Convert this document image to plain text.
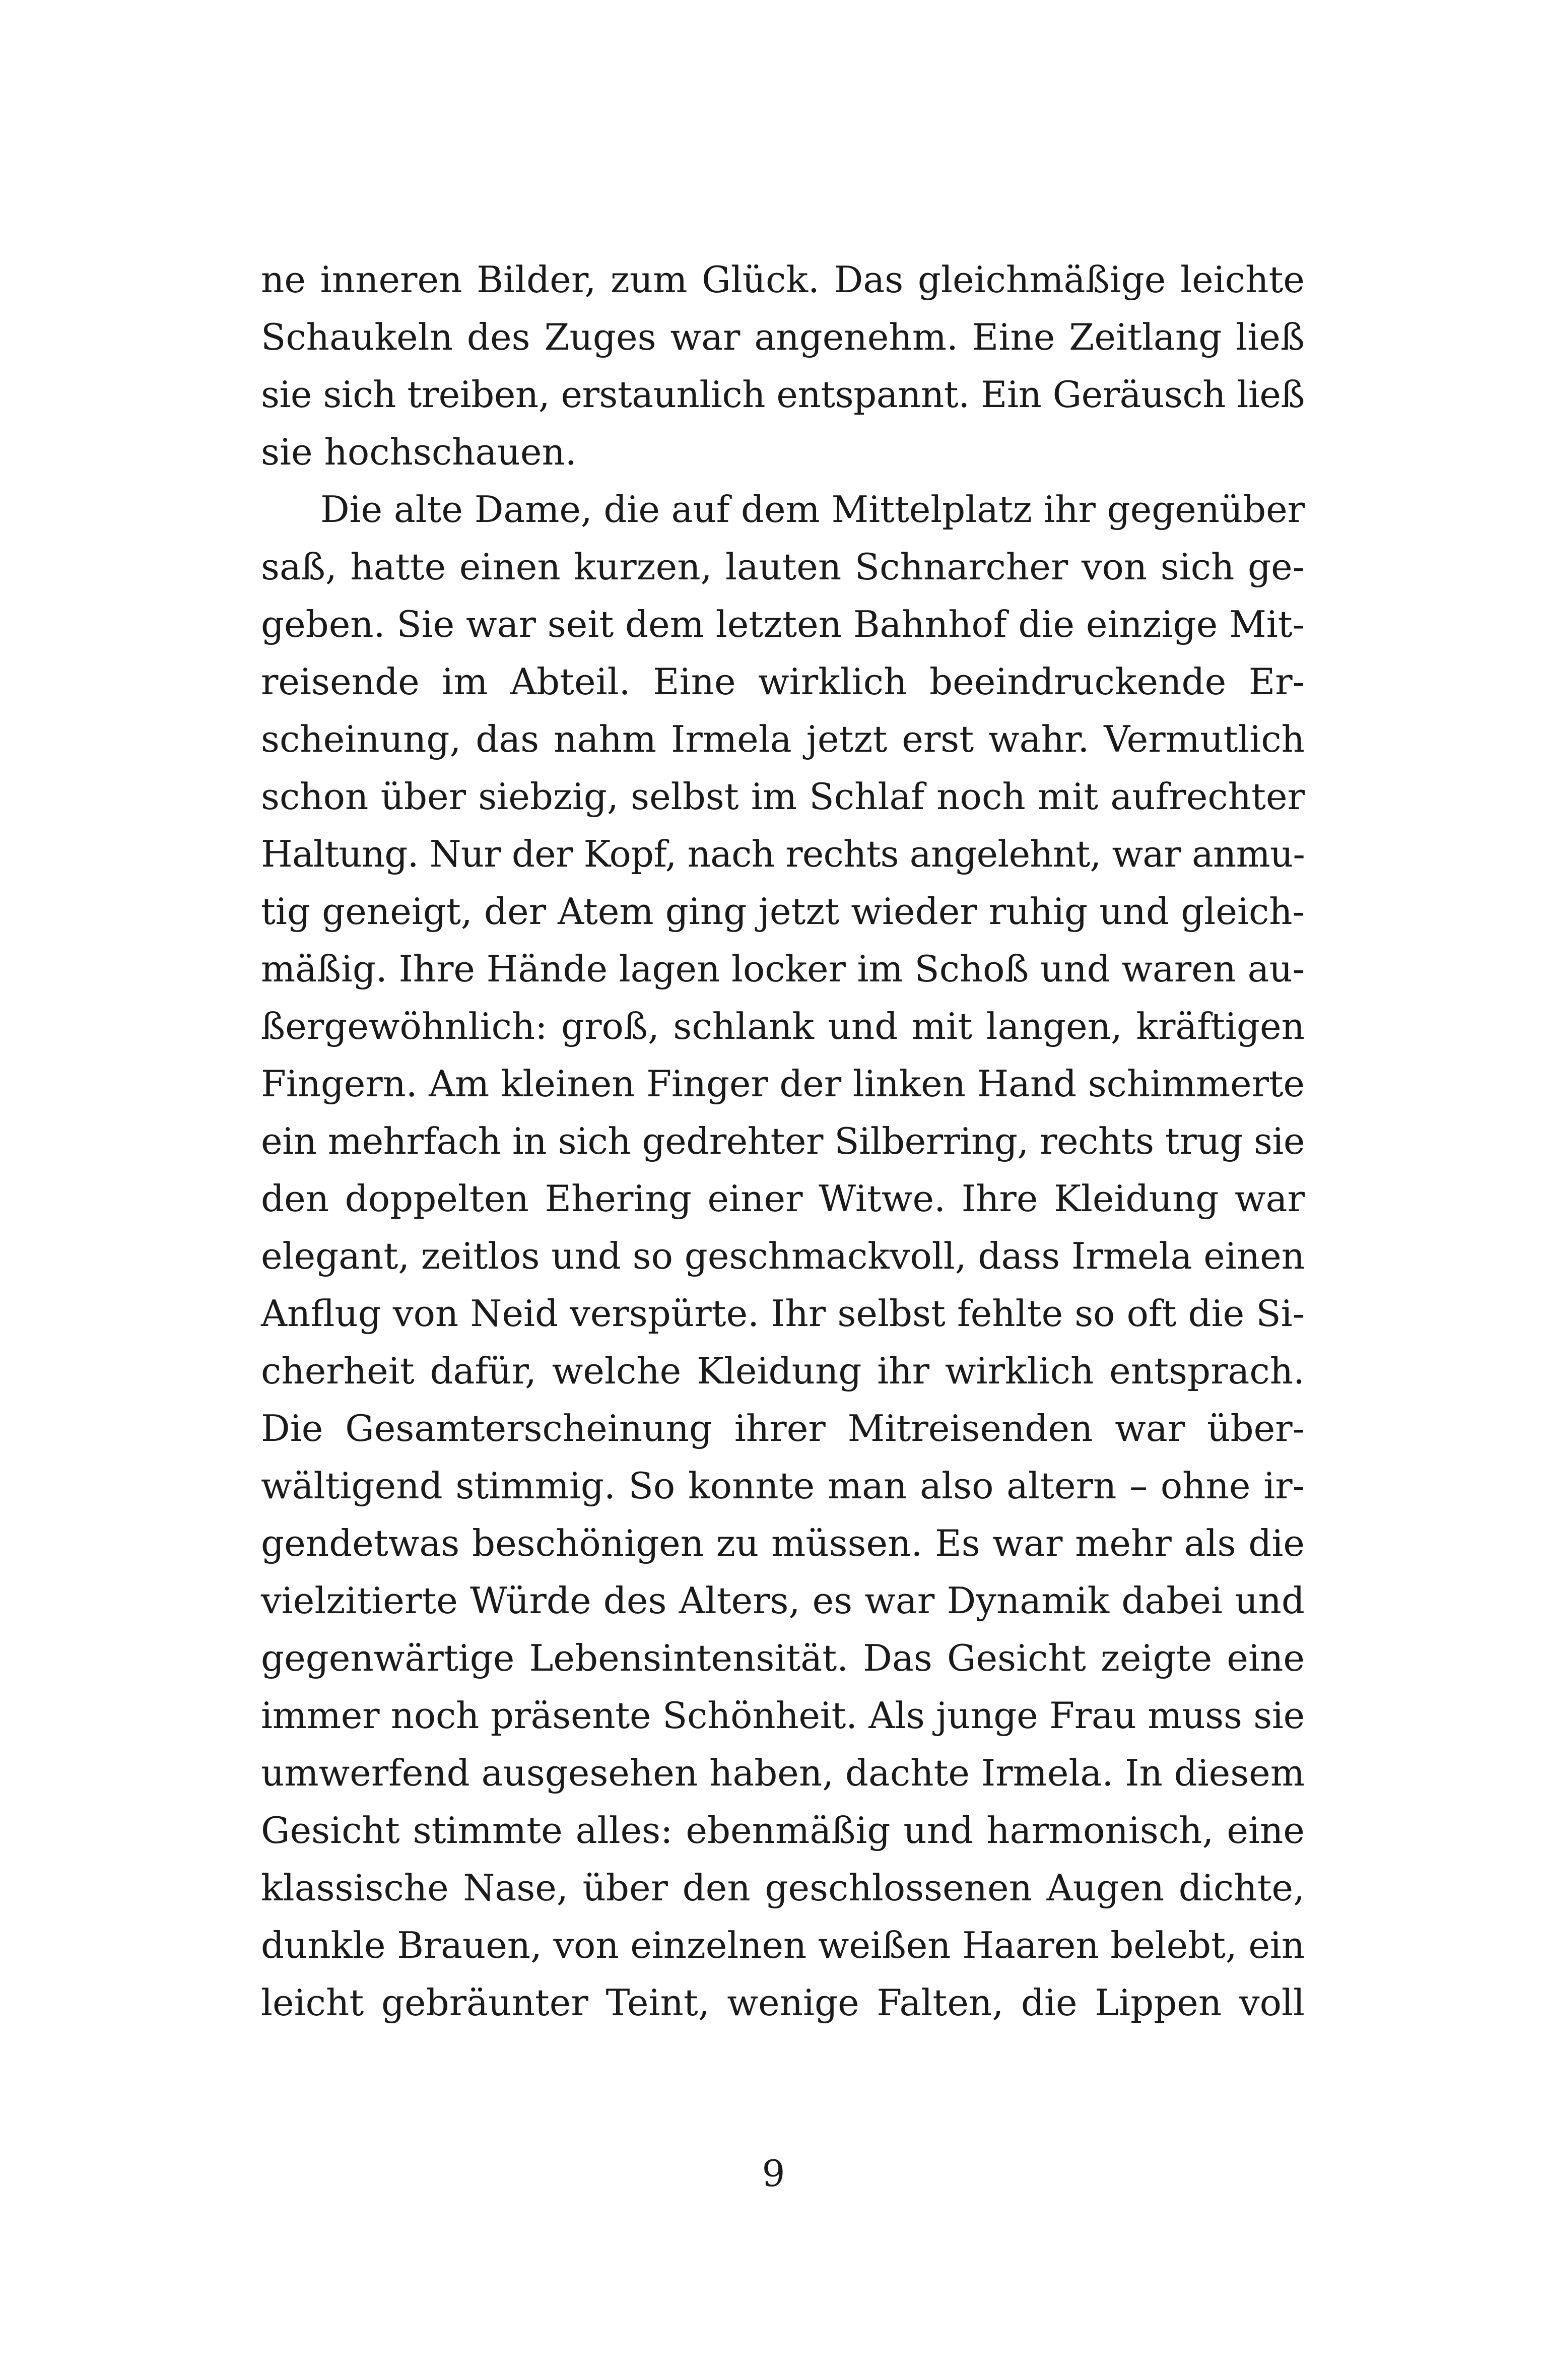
ne inneren Bilder, zum Glück. Das gleichmäßige leichte
Schaukeln des Zuges war angenehm. Eine Zeitlang ließ
sie sich treiben, erstaunlich entspannt. Ein Geräusch ließ
sie hochschauen.
Die alte Dame, die auf dem Mittelplatz ihr gegenüber
saß, hatte einen kurzen, lauten Schnarcher von sich ge-
geben. Sie war seit dem letzten Bahnhof die einzige Mit-
reisende im Abteil. Eine wirklich beeindruckende Er-
scheinung, das nahm Irmela jetzt erst wahr. Vermutlich
schon über siebzig, selbst im Schlaf noch mit aufrechter
Haltung. Nur der Kopf, nach rechts angelehnt, war anmu-
tig geneigt, der Atem ging jetzt wieder ruhig und gleich-
mäßig. Ihre Hände lagen locker im Schoß und waren au-
ßergewöhnlich: groß, schlank und mit langen, kräftigen
Fingern. Am kleinen Finger der linken Hand schimmerte
ein mehrfach in sich gedrehter Silberring, rechts trug sie
den doppelten Ehering einer Witwe. Ihre Kleidung war
elegant, zeitlos und so geschmackvoll, dass Irmela einen
Anflug von Neid verspürte. Ihr selbst fehlte so oft die Si-
cherheit dafür, welche Kleidung ihr wirklich entsprach.
Die Gesamterscheinung ihrer Mitreisenden war über-
wältigend stimmig. So konnte man also altern – ohne ir-
gendetwas beschönigen zu müssen. Es war mehr als die
vielzitierte Würde des Alters, es war Dynamik dabei und
gegenwärtige Lebensintensität. Das Gesicht zeigte eine
immer noch präsente Schönheit. Als junge Frau muss sie
umwerfend ausgesehen haben, dachte Irmela. In diesem
Gesicht stimmte alles: ebenmäßig und harmonisch, eine
klassische Nase, über den geschlossenen Augen dichte,
dunkle Brauen, von einzelnen weißen Haaren belebt, ein
leicht gebräunter Teint, wenige Falten, die Lippen voll
9
